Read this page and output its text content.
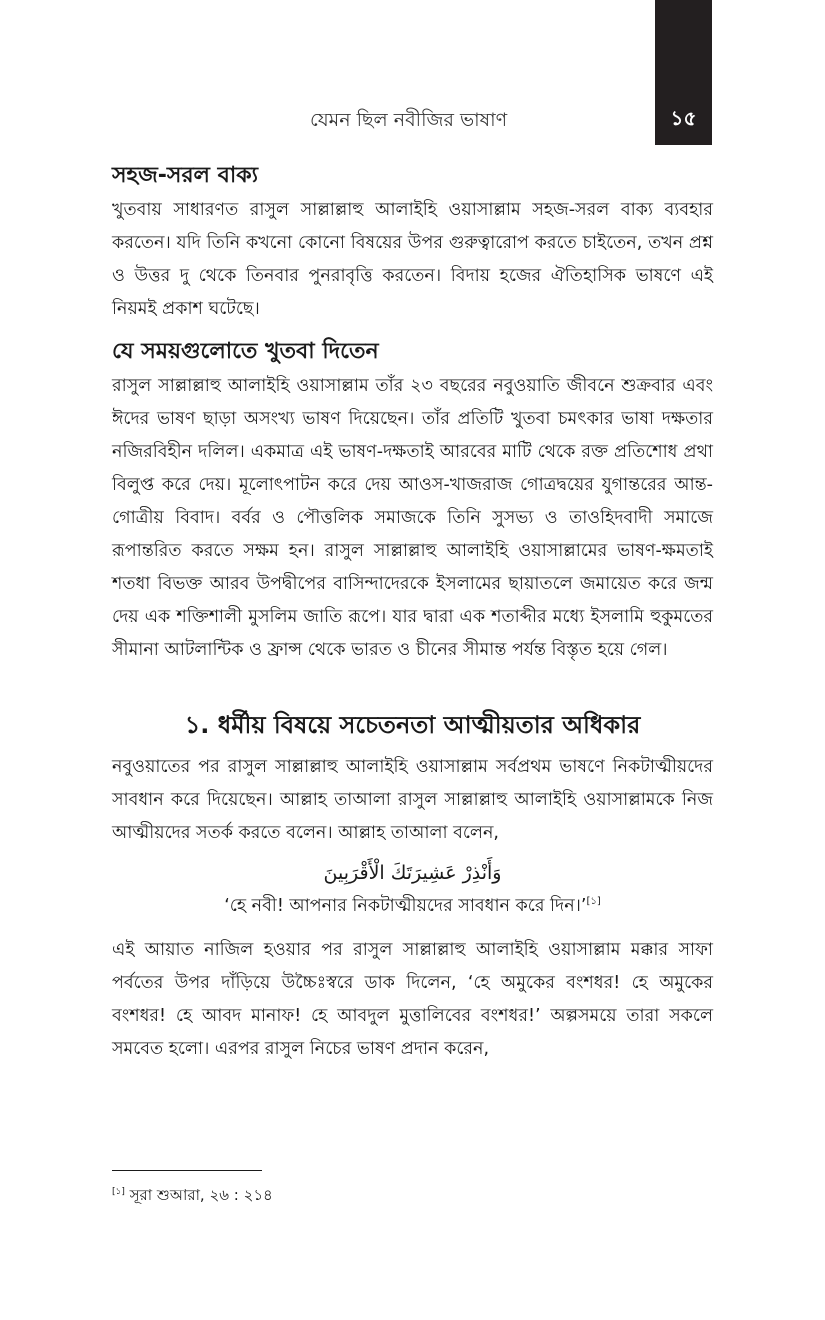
১৫
যেমন ছিল নবীজির ভাষাণ
সহজ-সরল বাক্য

খুতবায় সাধারণত রাসুল সাল্লাল্লাহু আলাইহি ওয়াসাল্লাম সহজ-সরল বাক্য ব্যবহার করতেন। যদি তিনি কখনো কোনো বিষয়ের উপর গুরুত্বারোপ করতে চাইতেন, তখন প্রশ্ন ও উত্তর দু থেকে তিনবার পুনরাবৃত্তি করতেন। বিদায় হজের ঐতিহাসিক ভাষণে এই নিয়মই প্রকাশ ঘটেছে।

যে সময়গুলোতে খুতবা দিতেন

রাসুল সাল্লাল্লাহু আলাইহি ওয়াসাল্লাম তাঁর ২৩ বছরের নবুওয়াতি জীবনে শুক্রবার এবং ঈদের ভাষণ ছাড়া অসংখ্য ভাষণ দিয়েছেন। তাঁর প্রতিটি খুতবা চমৎকার ভাষা দক্ষতার নজিরবিহীন দলিল। একমাত্র এই ভাষণ-দক্ষতাই আরবের মাটি থেকে রক্ত প্রতিশোধ প্রথা বিলুপ্ত করে দেয়। মূলোৎপাটন করে দেয় আওস-খাজরাজ গোত্রদ্বয়ের যুগান্তরের আন্ত-গোত্রীয় বিবাদ। বর্বর ও পৌত্তলিক সমাজকে তিনি সুসভ্য ও তাওহিদবাদী সমাজে রূপান্তরিত করতে সক্ষম হন। রাসুল সাল্লাল্লাহু আলাইহি ওয়াসাল্লামের ভাষণ-ক্ষমতাই শতধা বিভক্ত আরব উপদ্বীপের বাসিন্দাদেরকে ইসলামের ছায়াতলে জমায়েত করে জন্ম দেয় এক শক্তিশালী মুসলিম জাতি রূপে। যার দ্বারা এক শতাব্দীর মধ্যে ইসলামি হুকুমতের সীমানা আটলান্টিক ও ফ্রান্স থেকে ভারত ও চীনের সীমান্ত পর্যন্ত বিস্তৃত হয়ে গেল।

১. ধর্মীয় বিষয়ে সচেতনতা আত্মীয়তার অধিকার

নবুওয়াতের পর রাসুল সাল্লাল্লাহু আলাইহি ওয়াসাল্লাম সর্বপ্রথম ভাষণে নিকটাত্মীয়দের সাবধান করে দিয়েছেন। আল্লাহ তাআলা রাসুল সাল্লাল্লাহু আলাইহি ওয়াসাল্লামকে নিজ আত্মীয়দের সতর্ক করতে বলেন। আল্লাহ তাআলা বলেন,

وَأَنْذِرْ عَشِيرَتَكَ الْأَقْرَبِينَ
‘হে নবী! আপনার নিকটাত্মীয়দের সাবধান করে দিন।’[১]

এই আয়াত নাজিল হওয়ার পর রাসুল সাল্লাল্লাহু আলাইহি ওয়াসাল্লাম মক্কার সাফা পর্বতের উপর দাঁড়িয়ে উচ্চৈঃস্বরে ডাক দিলেন, ‘হে অমুকের বংশধর! হে অমুকের বংশধর! হে আবদ মানাফ! হে আবদুল মুত্তালিবের বংশধর!’ অল্পসময়ে তারা সকলে সমবেত হলো। এরপর রাসুল নিচের ভাষণ প্রদান করেন,

[১] সূরা শুআরা, ২৬ : ২১৪
